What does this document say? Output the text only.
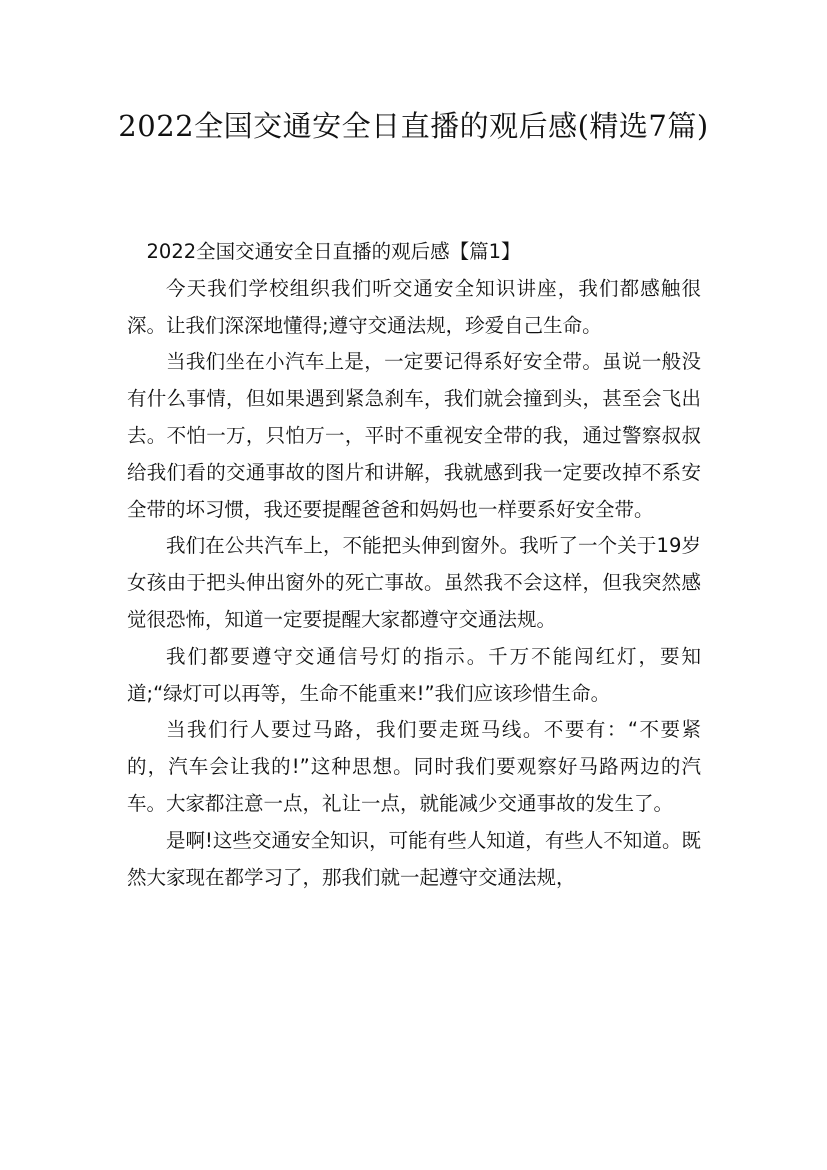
2022全国交通安全日直播的观后感(精选7篇)

2022全国交通安全日直播的观后感【篇1】

今天我们学校组织我们听交通安全知识讲座，我们都感触很深。让我们深深地懂得;遵守交通法规，珍爱自己生命。

当我们坐在小汽车上是，一定要记得系好安全带。虽说一般没有什么事情，但如果遇到紧急刹车，我们就会撞到头，甚至会飞出去。不怕一万，只怕万一，平时不重视安全带的我，通过警察叔叔给我们看的交通事故的图片和讲解，我就感到我一定要改掉不系安全带的坏习惯，我还要提醒爸爸和妈妈也一样要系好安全带。

我们在公共汽车上，不能把头伸到窗外。我听了一个关于19岁女孩由于把头伸出窗外的死亡事故。虽然我不会这样，但我突然感觉很恐怖，知道一定要提醒大家都遵守交通法规。

我们都要遵守交通信号灯的指示。千万不能闯红灯，要知道;“绿灯可以再等，生命不能重来!”我们应该珍惜生命。

当我们行人要过马路，我们要走斑马线。不要有：“不要紧的，汽车会让我的!”这种思想。同时我们要观察好马路两边的汽车。大家都注意一点，礼让一点，就能减少交通事故的发生了。

是啊!这些交通安全知识，可能有些人知道，有些人不知道。既然大家现在都学习了，那我们就一起遵守交通法规，
